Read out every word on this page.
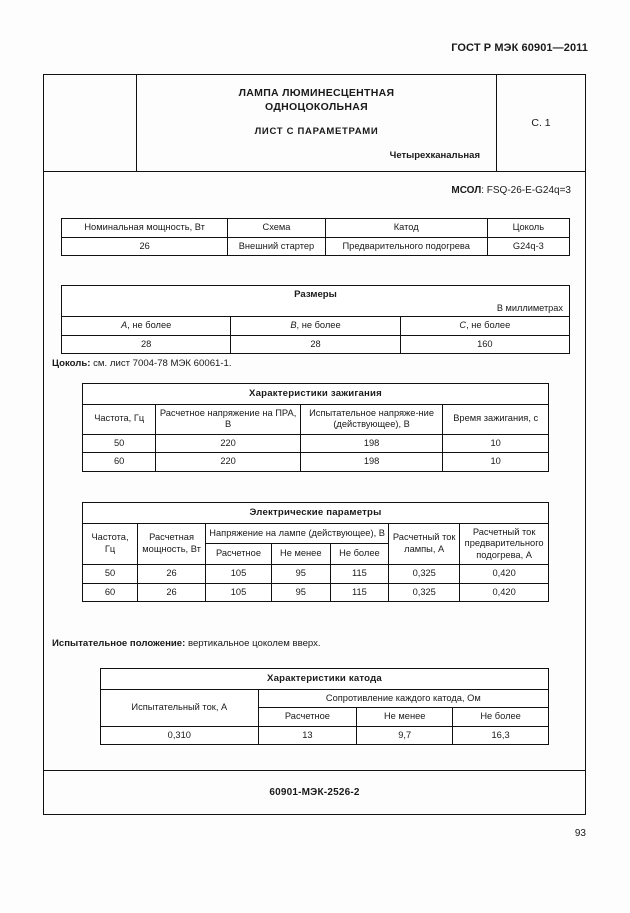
ГОСТ Р МЭК 60901—2011
ЛАМПА ЛЮМИНЕСЦЕНТНАЯ
ОДНОЦОКОЛЬНАЯ
ЛИСТ С ПАРАМЕТРАМИ
Четырехканальная
С. 1
МСОЛ: FSQ-26-E-G24q=3
Номинальная мощность, Вт	Схема	Катод	Цоколь
26	Внешний стартер	Предварительного подогрева	G24q-3
Размеры
В миллиметрах		

A, не более	B, не более	C, не более
28	28	160
Цоколь: см. лист 7004-78 МЭК 60061-1.
Характеристики зажигания			
Частота, Гц	Расчетное напряжение на ПРА, В	Испытательное напряже-ние (действующее), В	Время зажигания, с
50	220	198	10
60	220	198	10
Электрические параметры						
Частота, Гц	Расчетная мощность, Вт	Напряжение на лампе (действующее), В			Расчетный ток лампы, А	Расчетный ток предварительного подогрева, А
		Расчетное	Не менее	Не более		
50	26	105	95	115	0,325	0,420
60	26	105	95	115	0,325	0,420
Испытательное положение: вертикальное цоколем вверх.
Характеристики катода			
Испытательный ток, А	Сопротивление каждого катода, Ом		
	Расчетное	Не менее	Не более
0,310	13	9,7	16,3
60901-МЭК-2526-2
93
